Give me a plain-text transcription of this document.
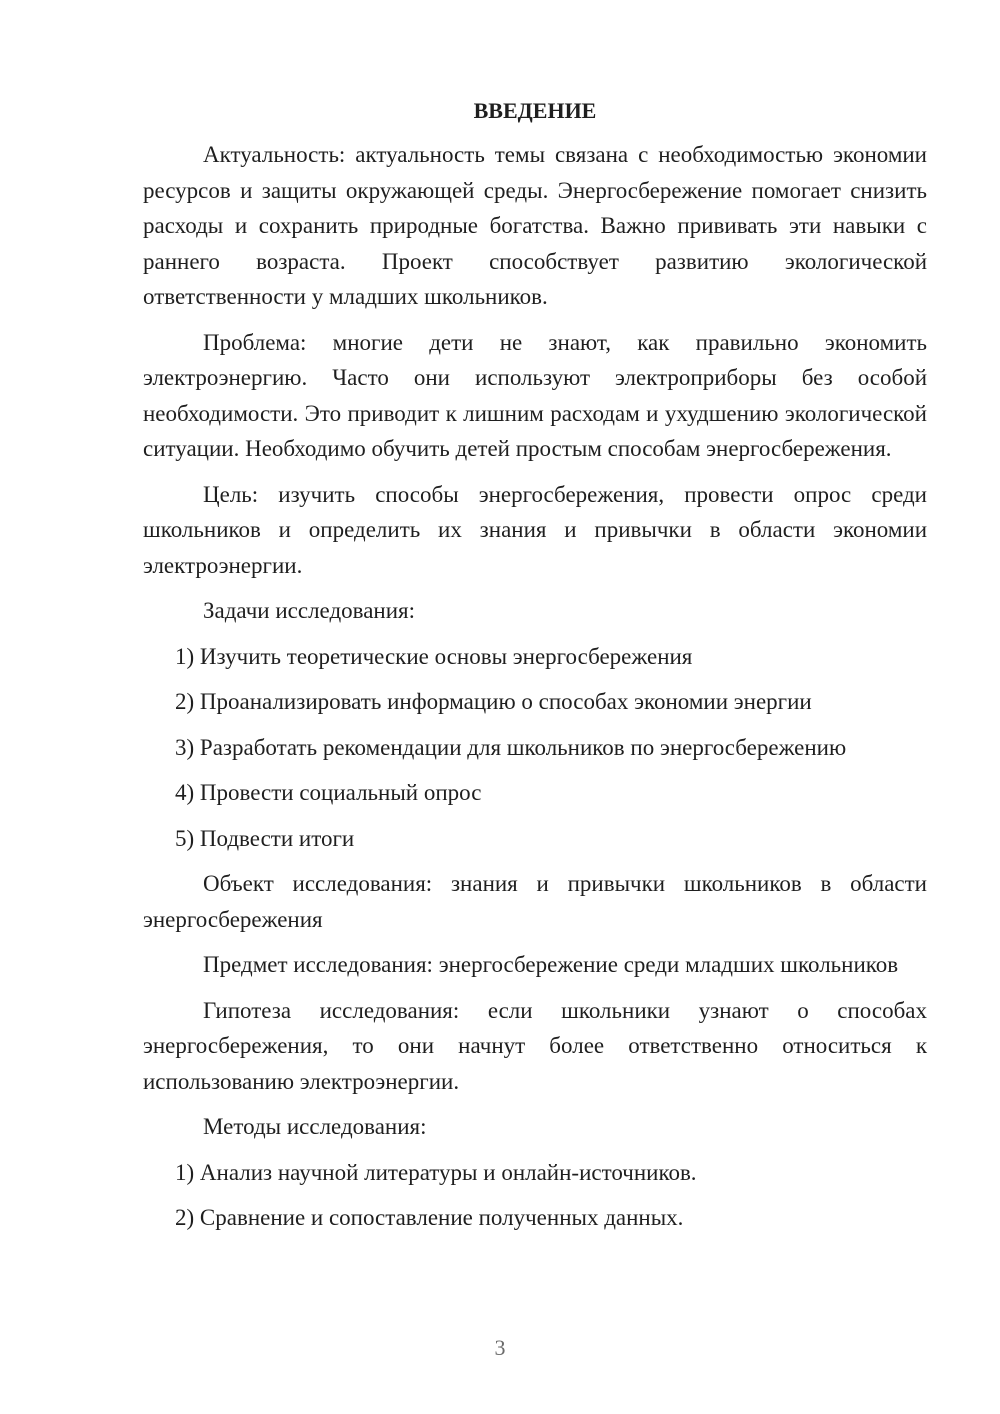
ВВЕДЕНИЕ

Актуальность: актуальность темы связана с необходимостью экономии ресурсов и защиты окружающей среды. Энергосбережение помогает снизить расходы и сохранить природные богатства. Важно прививать эти навыки с раннего возраста. Проект способствует развитию экологической ответственности у младших школьников.

Проблема: многие дети не знают, как правильно экономить электроэнергию. Часто они используют электроприборы без особой необходимости. Это приводит к лишним расходам и ухудшению экологической ситуации. Необходимо обучить детей простым способам энергосбережения.

Цель: изучить способы энергосбережения, провести опрос среди школьников и определить их знания и привычки в области экономии электроэнергии.

Задачи исследования:

1) Изучить теоретические основы энергосбережения

2) Проанализировать информацию о способах экономии энергии

3) Разработать рекомендации для школьников по энергосбережению

4) Провести социальный опрос

5) Подвести итоги

Объект исследования: знания и привычки школьников в области энергосбережения

Предмет исследования: энергосбережение среди младших школьников

Гипотеза исследования: если школьники узнают о способах энергосбережения, то они начнут более ответственно относиться к использованию электроэнергии.

Методы исследования:

1) Анализ научной литературы и онлайн-источников.

2) Сравнение и сопоставление полученных данных.

3
